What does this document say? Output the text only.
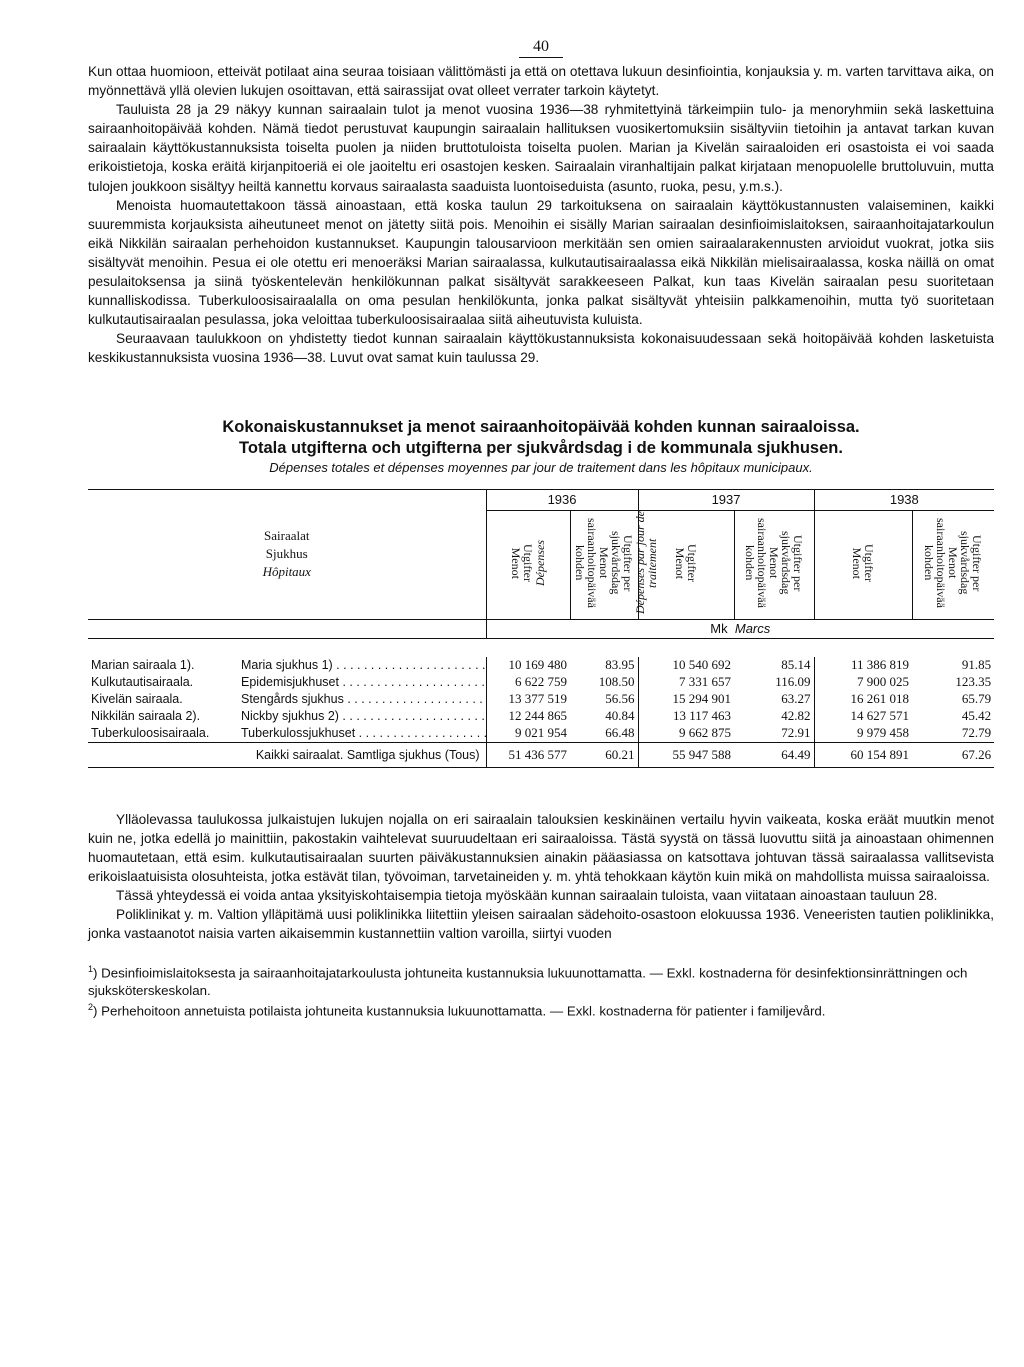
40

Kun ottaa huomioon, etteivät potilaat aina seuraa toisiaan välittömästi ja että on otettava lukuun desinfiointia, konjauksia y. m. varten tarvittava aika, on myönnettävä yllä olevien lukujen osoittavan, että sairassijat ovat olleet verrater tarkoin käytetyt.

Tauluista 28 ja 29 näkyy kunnan sairaalain tulot ja menot vuosina 1936—38 ryhmitettyinä tärkeimpiin tulo- ja menoryhmiin sekä laskettuina sairaanhoitopäivää kohden. Nämä tiedot perustuvat kaupungin sairaalain hallituksen vuosikertomuksiin sisältyviin tietoihin ja antavat tarkan kuvan sairaalain käyttökustannuksista toiselta puolen ja niiden bruttotuloista toiselta puolen. Marian ja Kivelän sairaaloiden eri osastoista ei voi saada erikoistietoja, koska eräitä kirjanpitoeriä ei ole jaoiteltu eri osastojen kesken. Sairaalain viranhaltijain palkat kirjataan menopuolelle bruttoluvuin, mutta tulojen joukkoon sisältyy heiltä kannettu korvaus sairaalasta saaduista luontoiseduista (asunto, ruoka, pesu, y.m.s.).

Menoista huomautettakoon tässä ainoastaan, että koska taulun 29 tarkoituksena on sairaalain käyttökustannusten valaiseminen, kaikki suuremmista korjauksista aiheutuneet menot on jätetty siitä pois. Menoihin ei sisälly Marian sairaalan desinfioimislaitoksen, sairaanhoitajatarkoulun eikä Nikkilän sairaalan perhehoidon kustannukset. Kaupungin talousarvioon merkitään sen omien sairaalarakennusten arvioidut vuokrat, jotka siis sisältyvät menoihin. Pesua ei ole otettu eri menoeräksi Marian sairaalassa, kulkutautisairaalassa eikä Nikkilän mielisairaalassa, koska näillä on omat pesulaitoksensa ja siinä työskentelevän henkilökunnan palkat sisältyvät sarakkeeseen Palkat, kun taas Kivelän sairaalan pesu suoritetaan kunnalliskodissa. Tuberkuloosisairaalalla on oma pesulan henkilökunta, jonka palkat sisältyvät yhteisiin palkkamenoihin, mutta työ suoritetaan kulkutautisairaalan pesulassa, joka veloittaa tuberkuloosisairaalaa siitä aiheutuvista kuluista.

Seuraavaan taulukkoon on yhdistetty tiedot kunnan sairaalain käyttökustannuksista kokonaisuudessaan sekä hoitopäivää kohden lasketuista keskikustannuksista vuosina 1936—38. Luvut ovat samat kuin taulussa 29.

Kokonaiskustannukset ja menot sairaanhoitopäivää kohden kunnan sairaaloissa.
Totala utgifterna och utgifterna per sjukvårdsdag i de kommunala sjukhusen.
Dépenses totales et dépenses moyennes par jour de traitement dans les hôpitaux municipaux.
Sairaalat
Sjukhus
Hôpitaux		1936		1937		1938	
		Menot
Utgifter
Dépenses	Menot sairaanhoitopäivää kohden Utgifter per sjukvårdsdag Dépenses par jour de traitement	Menot
Utgifter	Menot sairaanhoitopäivää kohden Utgifter per sjukvårdsdag	Menot
Utgifter	Menot sairaanhoitopäivää kohden Utgifter per sjukvårdsdag
		Mk Marcs					

Marian sairaala 1).	Maria sjukhus 1) . . .	10 169 480	83.95	10 540 692	85.14	11 386 819	91.85
Kulkutautisairaala.	Epidemisjukhuset . . .	6 622 759	108.50	7 331 657	116.09	7 900 025	123.35
Kivelän sairaala.	Stengårds sjukhus . . .	13 377 519	56.56	15 294 901	63.27	16 261 018	65.79
Nikkilän sairaala 2).	Nickby sjukhus 2) . . .	12 244 865	40.84	13 117 463	42.82	14 627 571	45.42
Tuberkuloosisairaala.	Tuberkulossjukhuset . . .	9 021 954	66.48	9 662 875	72.91	9 979 458	72.79
Kaikki sairaalat. Samtliga sjukhus (Tous)		51 436 577	60.21	55 947 588	64.49	60 154 891	67.26

Ylläolevassa taulukossa julkaistujen lukujen nojalla on eri sairaalain talouksien keskinäinen vertailu hyvin vaikeata, koska eräät muutkin menot kuin ne, jotka edellä jo mainittiin, pakostakin vaihtelevat suuruudeltaan eri sairaaloissa. Tästä syystä on tässä luovuttu siitä ja ainoastaan ohimennen huomautetaan, että esim. kulkutautisairaalan suurten päiväkustannuksien ainakin pääasiassa on katsottava johtuvan tässä sairaalassa vallitsevista erikoislaatuisista olosuhteista, jotka estävät tilan, työvoiman, tarvetaineiden y. m. yhtä tehokkaan käytön kuin mikä on mahdollista muissa sairaaloissa.

Tässä yhteydessä ei voida antaa yksityiskohtaisempia tietoja myöskään kunnan sairaalain tuloista, vaan viitataan ainoastaan tauluun 28.

Poliklinikat y. m. Valtion ylläpitämä uusi poliklinikka liitettiin yleisen sairaalan sädehoito-osastoon elokuussa 1936. Veneeristen tautien poliklinikka, jonka vastaanotot naisia varten aikaisemmin kustannettiin valtion varoilla, siirtyi vuoden

$^1$) Desinfioimislaitoksesta ja sairaanhoitajatarkoulusta johtuneita kustannuksia lukuunottamatta. — Exkl. kostnaderna för desinfektionsinrättningen och sjuksköterskeskolan.

$^2$) Perhehoitoon annetuista potilaista johtuneita kustannuksia lukuunottamatta. — Exkl. kostnaderna för patienter i familjevård.
